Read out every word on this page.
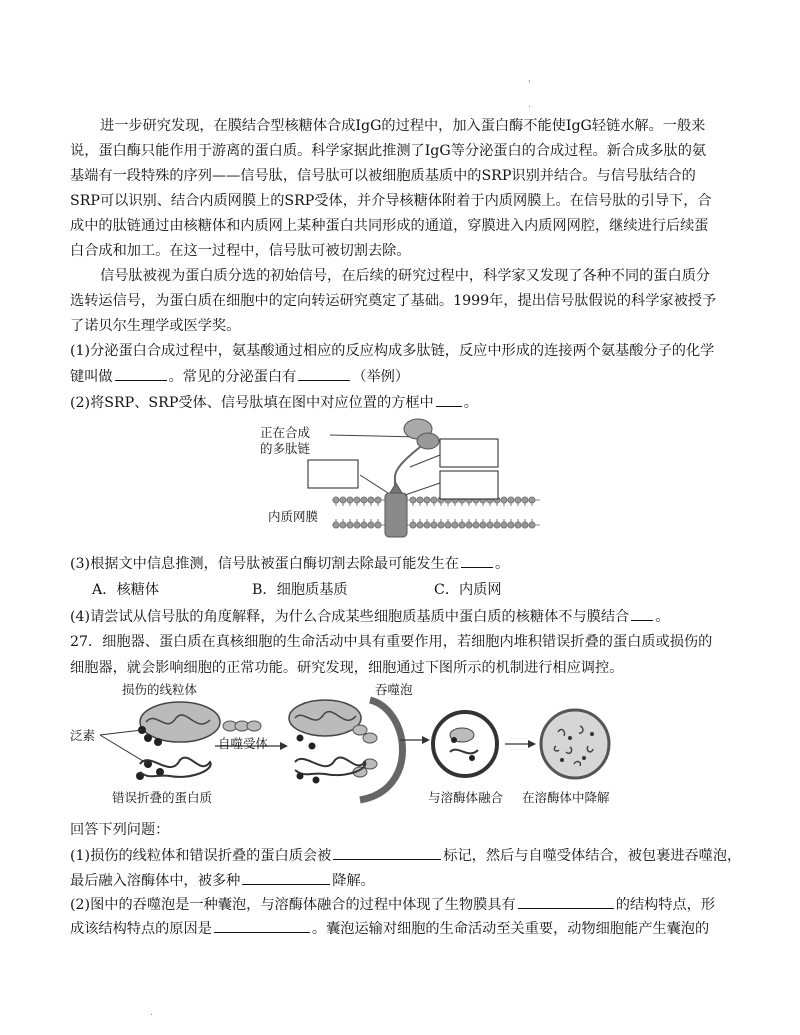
'
.
进一步研究发现，在膜结合型核糖体合成IgG的过程中，加入蛋白酶不能使IgG轻链水解。一般来
说，蛋白酶只能作用于游离的蛋白质。科学家据此推测了IgG等分泌蛋白的合成过程。新合成多肽的氨
基端有一段特殊的序列——信号肽，信号肽可以被细胞质基质中的SRP识别并结合。与信号肽结合的
SRP可以识别、结合内质网膜上的SRP受体，并介导核糖体附着于内质网膜上。在信号肽的引导下，合
成中的肽链通过由核糖体和内质网上某种蛋白共同形成的通道，穿膜进入内质网网腔，继续进行后续蛋
白合成和加工。在这一过程中，信号肽可被切割去除。
信号肽被视为蛋白质分选的初始信号，在后续的研究过程中，科学家又发现了各种不同的蛋白质分
选转运信号，为蛋白质在细胞中的定向转运研究奠定了基础。1999年，提出信号肽假说的科学家被授予
了诺贝尔生理学或医学奖。
(1)分泌蛋白合成过程中，氨基酸通过相应的反应构成多肽链，反应中形成的连接两个氨基酸分子的化学
键叫做	。常见的分泌蛋白有	（举例）
(2)将SRP、SRP受体、信号肽填在图中对应位置的方框中 。
正在合成
的多肽链
内质网膜
(3)根据文中信息推测，信号肽被蛋白酶切割去除最可能发生在	。
A．核糖体	B．细胞质基质	C．内质网
(4)请尝试从信号肽的角度解释，为什么合成某些细胞质基质中蛋白质的核糖体不与膜结合 。
27．细胞器、蛋白质在真核细胞的生命活动中具有重要作用，若细胞内堆积错误折叠的蛋白质或损伤的
细胞器，就会影响细胞的正常功能。研究发现，细胞通过下图所示的机制进行相应调控。
损伤的线粒体
泛素
自噬受体
吞噬泡
错误折叠的蛋白质	与溶酶体融合 在溶酶体中降解
回答下列问题：
(1)损伤的线粒体和错误折叠的蛋白质会被	标记，然后与自噬受体结合，被包裹进吞噬泡，
最后融入溶酶体中，被多种	降解。
(2)图中的吞噬泡是一种囊泡，与溶酶体融合的过程中体现了生物膜具有	的结构特点，形
成该结构特点的原因是	。囊泡运输对细胞的生命活动至关重要，动物细胞能产生囊泡的
.
